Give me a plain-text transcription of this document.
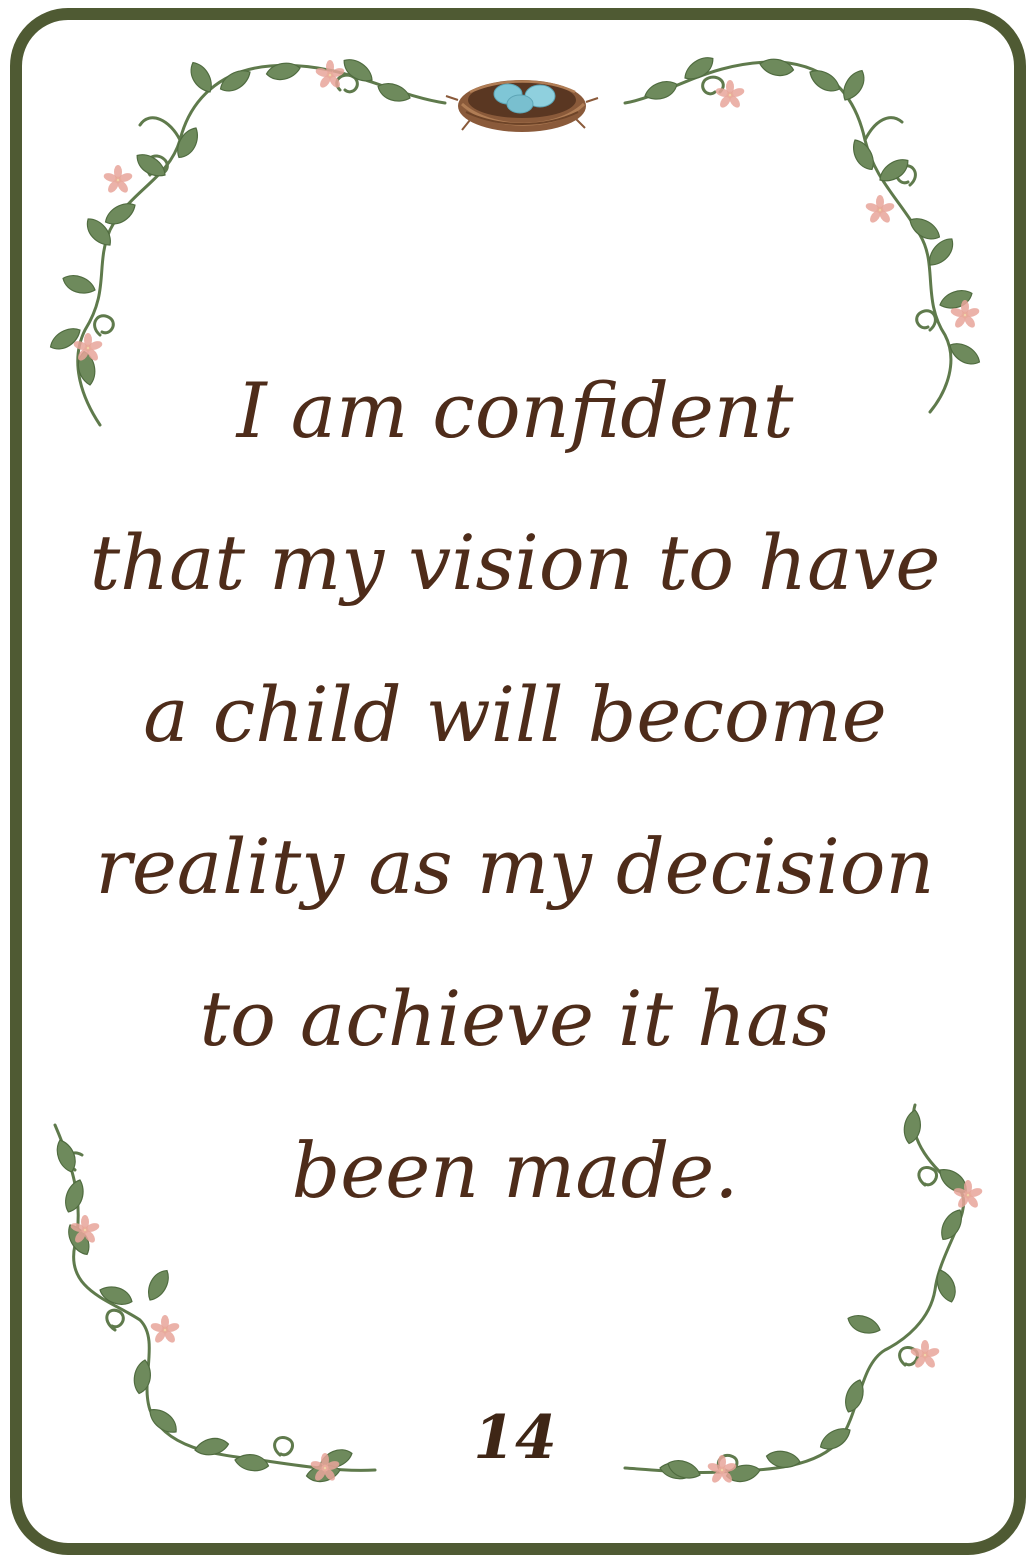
I am confident
that my vision to have
a child will become
reality as my decision
to achieve it has
been made.

14
